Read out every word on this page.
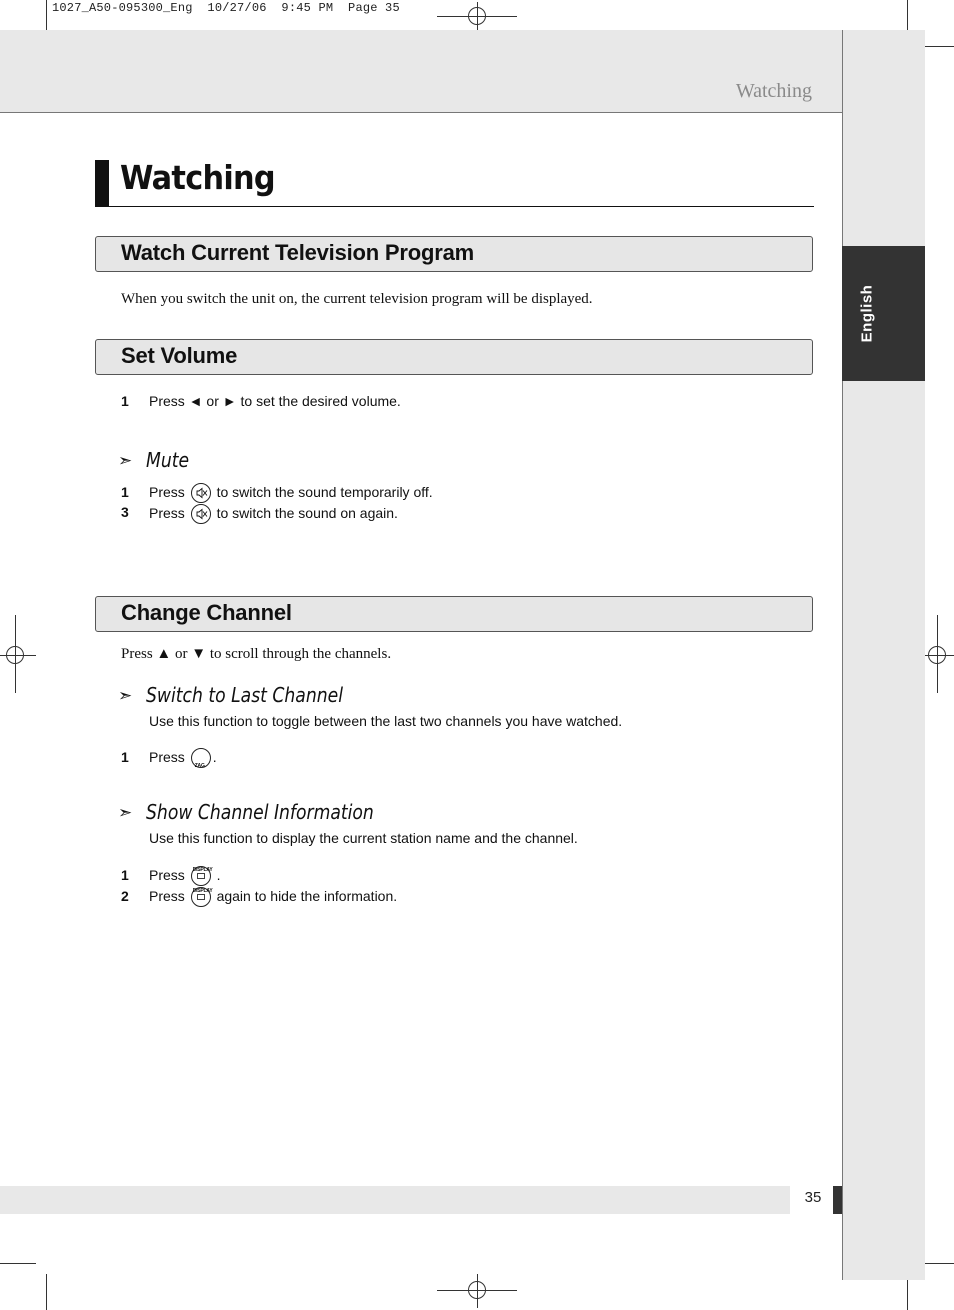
1027_A50-095300_Eng  10/27/06  9:45 PM  Page 35
Watching
English
Watching
Watch Current Television Program
When you switch the unit on, the current television program will be displayed.
Set Volume
1 Press ◄ or ► to set the desired volume.
➣ Mute
1 Press to switch the sound temporarily off.
3 Press to switch the sound on again.
Change Channel
Press ▲ or ▼ to scroll through the channels.
➣ Switch to Last Channel
Use this function to toggle between the last two channels you have watched.
1 Press
ZAG
.
➣ Show Channel Information
Use this function to display the current station name and the channel.
1 Press DISPLAY .
2 Press DISPLAY again to hide the information.
35
